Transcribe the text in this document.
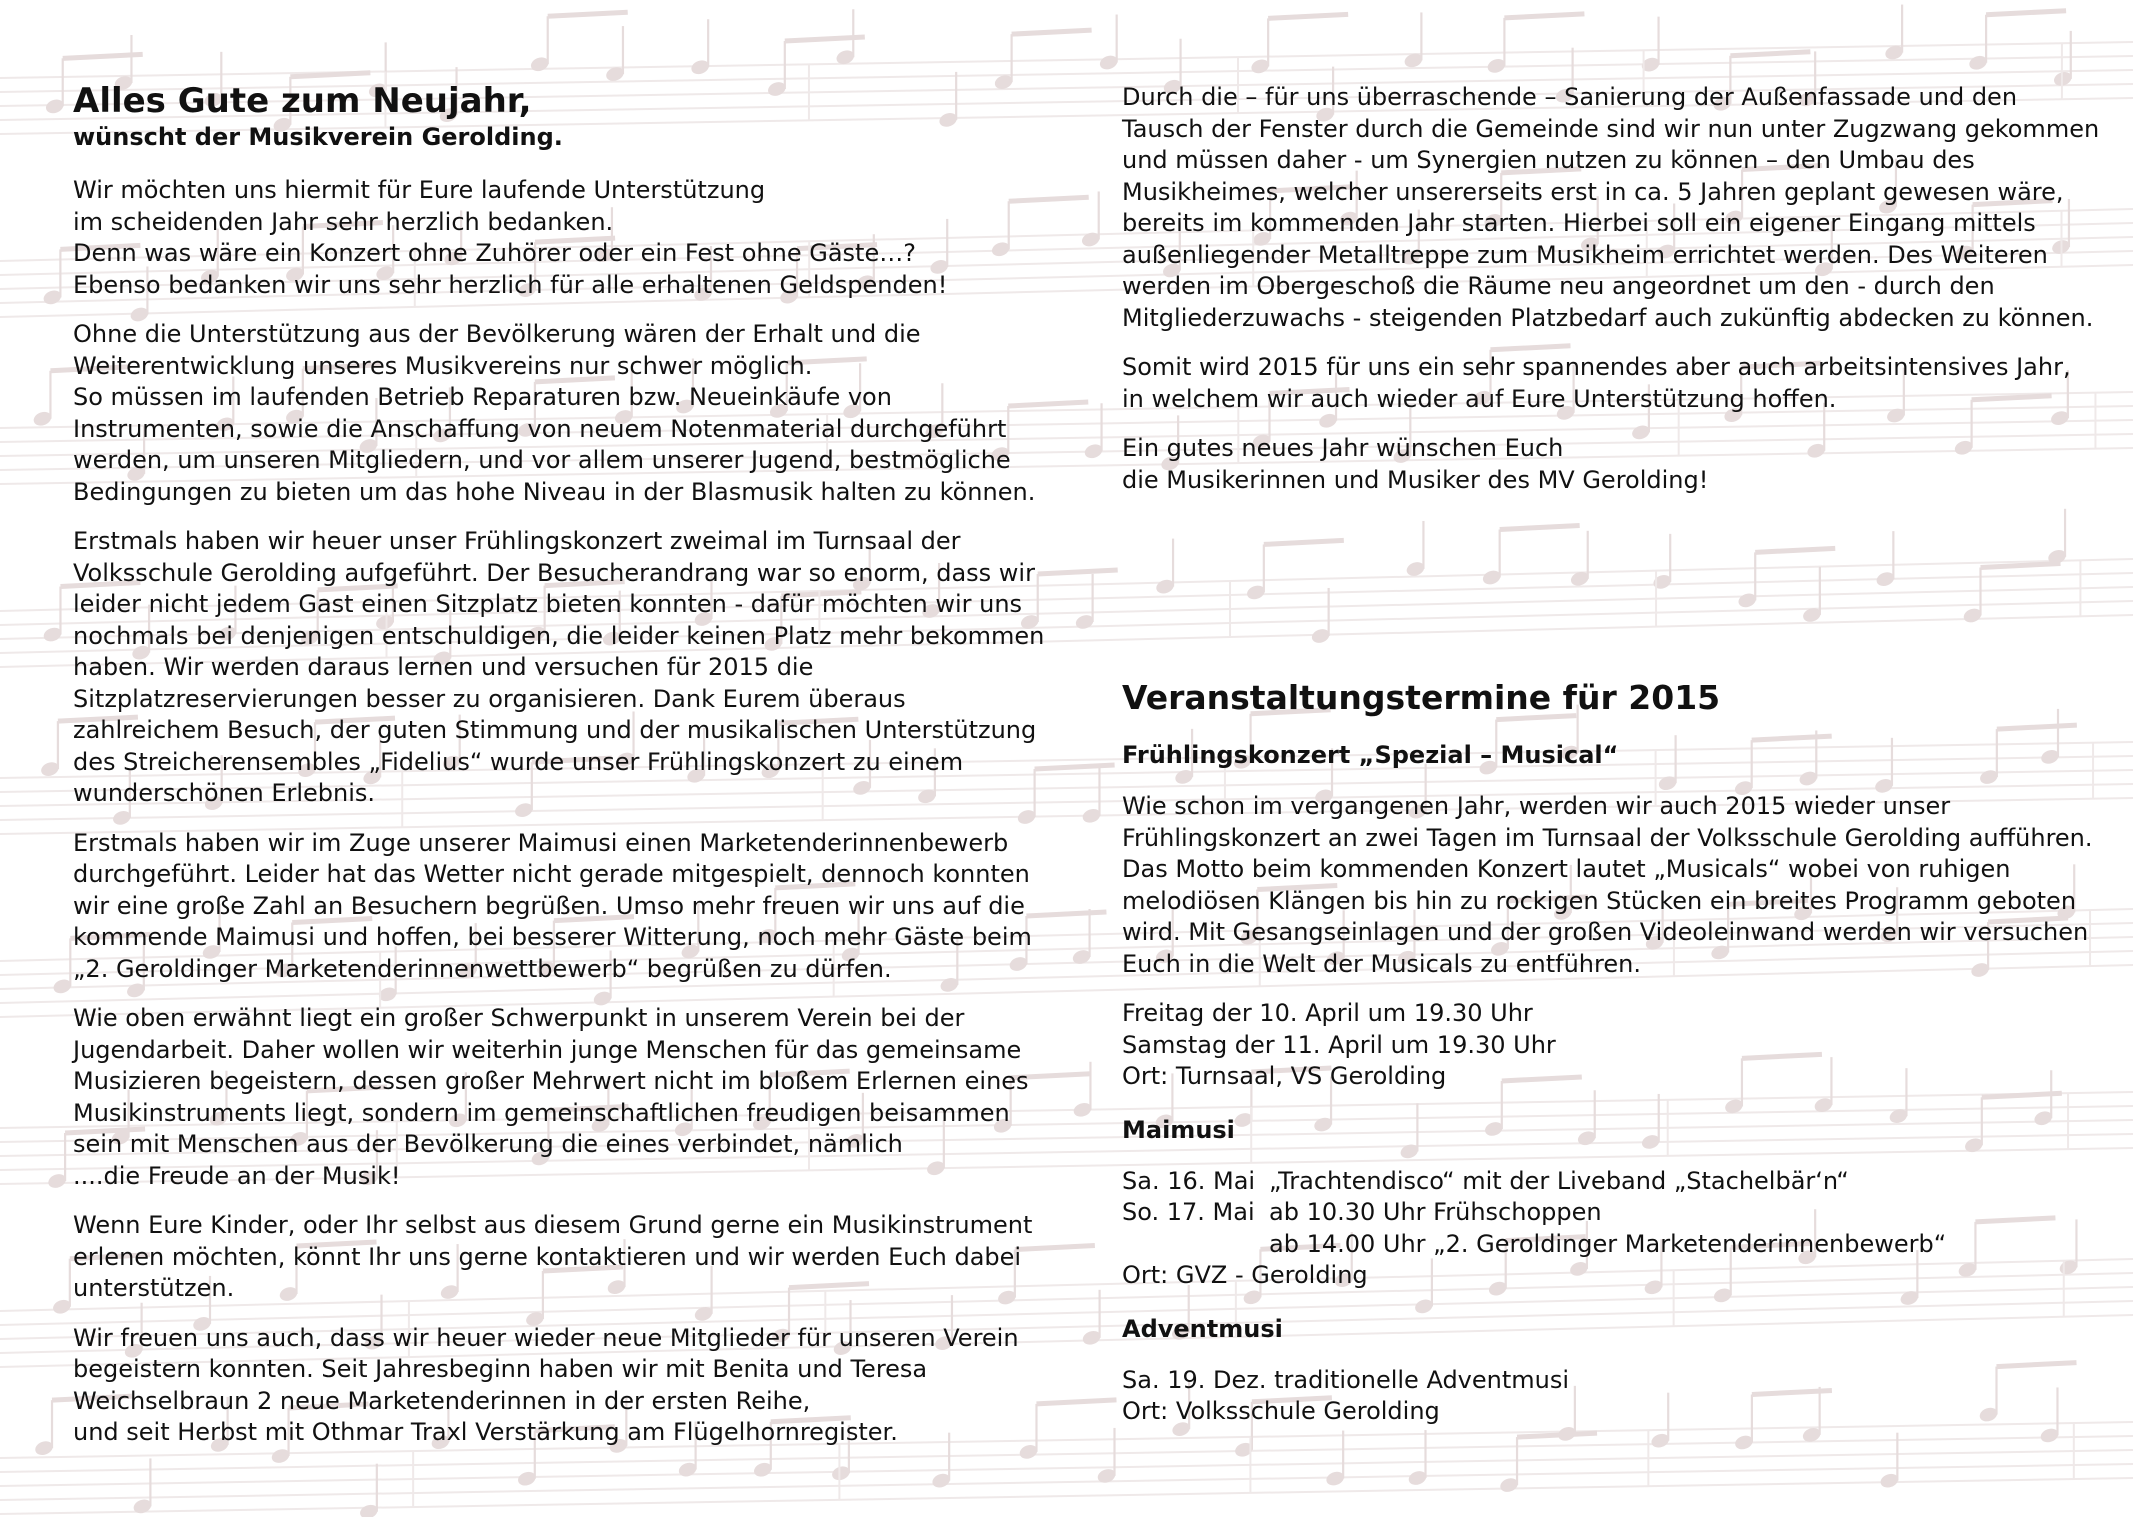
Alles Gute zum Neujahr,
wünscht der Musikverein Gerolding.
Wir möchten uns hiermit für Eure laufende Unterstützung
im scheidenden Jahr sehr herzlich bedanken.
Denn was wäre ein Konzert ohne Zuhörer oder ein Fest ohne Gäste…?
Ebenso bedanken wir uns sehr herzlich für alle erhaltenen Geldspenden!
Ohne die Unterstützung aus der Bevölkerung wären der Erhalt und die
Weiterentwicklung unseres Musikvereins nur schwer möglich.
So müssen im laufenden Betrieb Reparaturen bzw. Neueinkäufe von
Instrumenten, sowie die Anschaffung von neuem Notenmaterial durchgeführt
werden, um unseren Mitgliedern, und vor allem unserer Jugend, bestmögliche
Bedingungen zu bieten um das hohe Niveau in der Blasmusik halten zu können.
Erstmals haben wir heuer unser Frühlingskonzert zweimal im Turnsaal der
Volksschule Gerolding aufgeführt. Der Besucherandrang war so enorm, dass wir
leider nicht jedem Gast einen Sitzplatz bieten konnten - dafür möchten wir uns
nochmals bei denjenigen entschuldigen, die leider keinen Platz mehr bekommen
haben. Wir werden daraus lernen und versuchen für 2015 die
Sitzplatzreservierungen besser zu organisieren. Dank Eurem überaus
zahlreichem Besuch, der guten Stimmung und der musikalischen Unterstützung
des Streicherensembles „Fidelius“ wurde unser Frühlingskonzert zu einem
wunderschönen Erlebnis.
Erstmals haben wir im Zuge unserer Maimusi einen Marketenderinnenbewerb
durchgeführt. Leider hat das Wetter nicht gerade mitgespielt, dennoch konnten
wir eine große Zahl an Besuchern begrüßen. Umso mehr freuen wir uns auf die
kommende Maimusi und hoffen, bei besserer Witterung, noch mehr Gäste beim
„2. Geroldinger Marketenderinnenwettbewerb“ begrüßen zu dürfen.
Wie oben erwähnt liegt ein großer Schwerpunkt in unserem Verein bei der
Jugendarbeit. Daher wollen wir weiterhin junge Menschen für das gemeinsame
Musizieren begeistern, dessen großer Mehrwert nicht im bloßem Erlernen eines
Musikinstruments liegt, sondern im gemeinschaftlichen freudigen beisammen
sein mit Menschen aus der Bevölkerung die eines verbindet, nämlich
....die Freude an der Musik!
Wenn Eure Kinder, oder Ihr selbst aus diesem Grund gerne ein Musikinstrument
erlenen möchten, könnt Ihr uns gerne kontaktieren und wir werden Euch dabei
unterstützen.
Wir freuen uns auch, dass wir heuer wieder neue Mitglieder für unseren Verein
begeistern konnten. Seit Jahresbeginn haben wir mit Benita und Teresa
Weichselbraun 2 neue Marketenderinnen in der ersten Reihe,
und seit Herbst mit Othmar Traxl Verstärkung am Flügelhornregister.
Durch die – für uns überraschende – Sanierung der Außenfassade und den
Tausch der Fenster durch die Gemeinde sind wir nun unter Zugzwang gekommen
und müssen daher - um Synergien nutzen zu können – den Umbau des
Musikheimes, welcher unsererseits erst in ca. 5 Jahren geplant gewesen wäre,
bereits im kommenden Jahr starten. Hierbei soll ein eigener Eingang mittels
außenliegender Metalltreppe zum Musikheim errichtet werden. Des Weiteren
werden im Obergeschoß die Räume neu angeordnet um den - durch den
Mitgliederzuwachs - steigenden Platzbedarf auch zukünftig abdecken zu können.
Somit wird 2015 für uns ein sehr spannendes aber auch arbeitsintensives Jahr,
in welchem wir auch wieder auf Eure Unterstützung hoffen.
Ein gutes neues Jahr wünschen Euch
die Musikerinnen und Musiker des MV Gerolding!
Veranstaltungstermine für 2015
Frühlingskonzert „Spezial – Musical“
Wie schon im vergangenen Jahr, werden wir auch 2015 wieder unser
Frühlingskonzert an zwei Tagen im Turnsaal der Volksschule Gerolding aufführen.
Das Motto beim kommenden Konzert lautet „Musicals“ wobei von ruhigen
melodiösen Klängen bis hin zu rockigen Stücken ein breites Programm geboten
wird. Mit Gesangseinlagen und der großen Videoleinwand werden wir versuchen
Euch in die Welt der Musicals zu entführen.
Freitag der 10. April um 19.30 Uhr
Samstag der 11. April um 19.30 Uhr
Ort: Turnsaal, VS Gerolding
Maimusi
Sa. 16. Mai „Trachtendisco“ mit der Liveband „Stachelbär‘n“
So. 17. Mai ab 10.30 Uhr Frühschoppen
ab 14.00 Uhr „2. Geroldinger Marketenderinnenbewerb“
Ort: GVZ - Gerolding
Adventmusi
Sa. 19. Dez. traditionelle Adventmusi
Ort: Volksschule Gerolding
